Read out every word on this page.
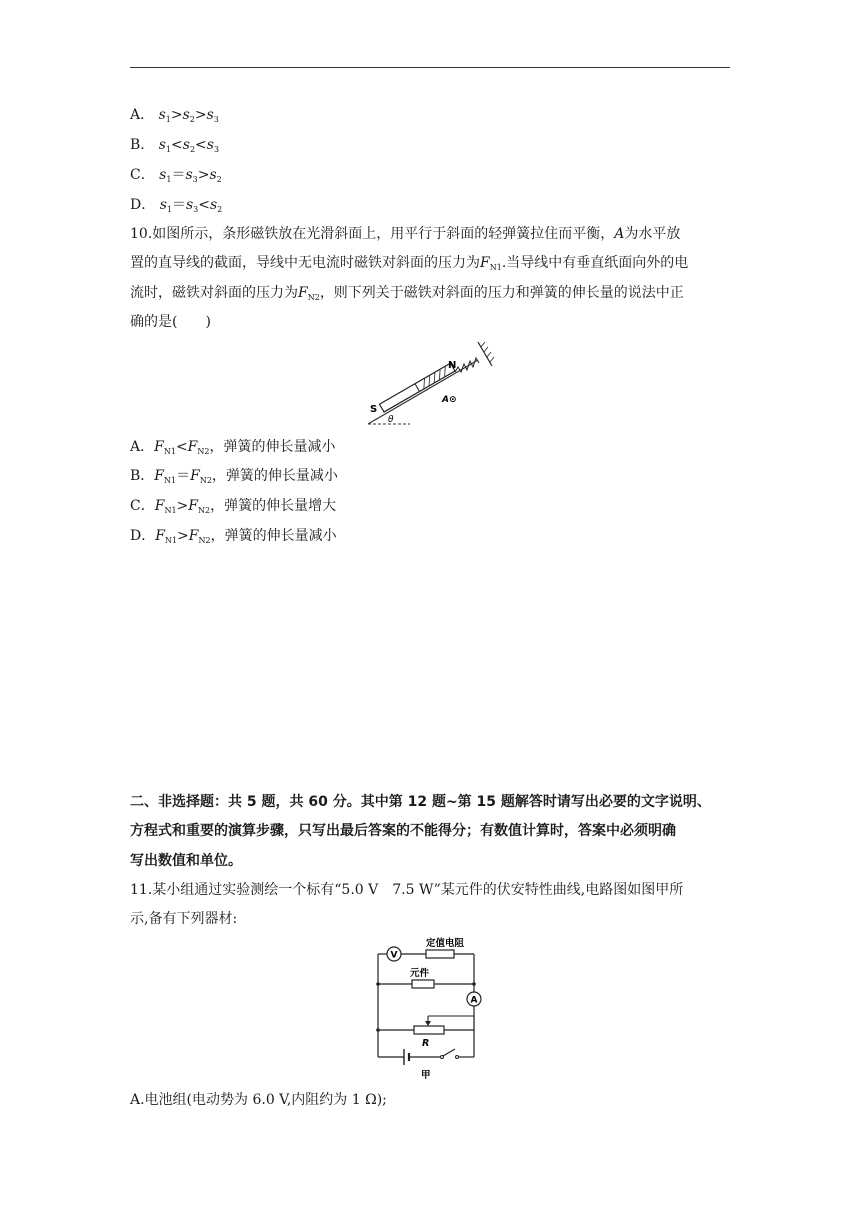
A． $s_1>s_2>s_3$
B． $s_1<s_2<s_3$
C． $s_1=s_3>s_2$
D． $s_1=s_3<s_2$
10.如图所示，条形磁铁放在光滑斜面上，用平行于斜面的轻弹簧拉住而平衡，A为水平放
置的直导线的截面，导线中无电流时磁铁对斜面的压力为$F_{N1}$.当导线中有垂直纸面向外的电
流时，磁铁对斜面的压力为$F_{N2}$，则下列关于磁铁对斜面的压力和弹簧的伸长量的说法中正
确的是(　　)
N
S
A⊙
θ
A．$F_{N1}<F_{N2}$，弹簧的伸长量减小
B．$F_{N1}=F_{N2}$，弹簧的伸长量减小
C．$F_{N1}>F_{N2}$，弹簧的伸长量增大
D．$F_{N1}>F_{N2}$，弹簧的伸长量减小
二、非选择题：共 5 题，共 60 分。其中第 12 题~第 15 题解答时请写出必要的文字说明、
方程式和重要的演算步骤，只写出最后答案的不能得分；有数值计算时，答案中必须明确
写出数值和单位。
11.某小组通过实验测绘一个标有“5.0 V　7.5 W”某元件的伏安特性曲线,电路图如图甲所
示,备有下列器材:
V
定值电阻
元件
A
R
甲
A.电池组(电动势为 6.0 V,内阻约为 1 Ω);
